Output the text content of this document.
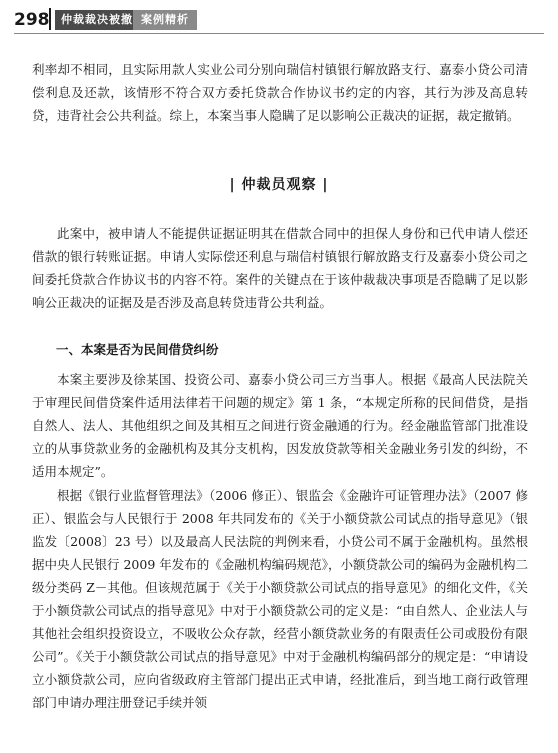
298	仲裁裁决被撤 案例精析
利率却不相同，且实际用款人实业公司分别向瑞信村镇银行解放路支行、嘉泰小贷公司清偿利息及还款，该情形不符合双方委托贷款合作协议书约定的内容，其行为涉及高息转贷，违背社会公共利益。综上，本案当事人隐瞒了足以影响公正裁决的证据，裁定撤销。
| 仲裁员观察 |
此案中，被申请人不能提供证据证明其在借款合同中的担保人身份和已代申请人偿还借款的银行转账证据。申请人实际偿还利息与瑞信村镇银行解放路支行及嘉泰小贷公司之间委托贷款合作协议书的内容不符。案件的关键点在于该仲裁裁决事项是否隐瞒了足以影响公正裁决的证据及是否涉及高息转贷违背公共利益。
一、本案是否为民间借贷纠纷
本案主要涉及徐某国、投资公司、嘉泰小贷公司三方当事人。根据《最高人民法院关于审理民间借贷案件适用法律若干问题的规定》第 1 条，“本规定所称的民间借贷，是指自然人、法人、其他组织之间及其相互之间进行资金融通的行为。经金融监管部门批准设立的从事贷款业务的金融机构及其分支机构，因发放贷款等相关金融业务引发的纠纷，不适用本规定”。
根据《银行业监督管理法》（2006 修正）、银监会《金融许可证管理办法》（2007 修正）、银监会与人民银行于 2008 年共同发布的《关于小额贷款公司试点的指导意见》（银监发〔2008〕23 号）以及最高人民法院的判例来看，小贷公司不属于金融机构。虽然根据中央人民银行 2009 年发布的《金融机构编码规范》，小额贷款公司的编码为金融机构二级分类码 Z－其他。但该规范属于《关于小额贷款公司试点的指导意见》的细化文件，《关于小额贷款公司试点的指导意见》中对于小额贷款公司的定义是：“由自然人、企业法人与其他社会组织投资设立，不吸收公众存款，经营小额贷款业务的有限责任公司或股份有限公司”。《关于小额贷款公司试点的指导意见》中对于金融机构编码部分的规定是：“申请设立小额贷款公司，应向省级政府主管部门提出正式申请，经批准后，到当地工商行政管理部门申请办理注册登记手续并领
